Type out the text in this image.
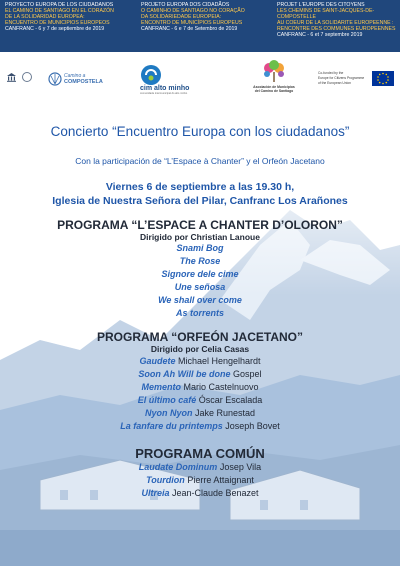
PROYECTO EUROPA DE LOS CIUDADANOS
EL CAMINO DE SANTIAGO EN EL CORAZÓN
DE LA SOLIDARIDAD EUROPEA:
ENCUENTRO DE MUNICIPIOS EUROPEOS
CANFRANC - 6 y 7 de septiembre de 2019
PROJETO EUROPA DOS CIDADÃOS
O CAMINHO DE SANTIAGO NO CORAÇÃO
DA SOLIDARIEDADE EUROPEIA:
ENCONTRO DE MUNICÍPIOS EUROPEUS
CANFRANC - 6 e 7 de Setembro de 2019
PROJET L'EUROPE DES CITOYENS
LES CHEMINS DE SAINT-JACQUES-DE-COMPOSTELLE
AU COEUR DE LA SOLIDARITE EUROPEENNE :
RENCONTRE DES COMMUNES EUROPEENNES
CANFRANC - 6 et 7 septembre 2019
Camino a
COMPOSTELA
cim alto minho
comunidade intermunicipal do alto minho
Asociación de Municipios
del Camino de Santiago
Co-funded by the
Europe for Citizens Programme
of the European Union
Concierto “Encuentro Europa con los ciudadanos”
Con la participación de “L’Espace à Chanter” y el Orfeón Jacetano
Viernes 6 de septiembre a las 19.30 h,
Iglesia de Nuestra Señora del Pilar, Canfranc Los Arañones
PROGRAMA “L’ESPACE A CHANTER D’OLORON”
Dirigido por Christian Lanoue
Snami Bog
The Rose
Signore dele cime
Une señosa
We shall over come
As torrents
PROGRAMA “ORFEÓN JACETANO”
Dirigido por Celia Casas
Gaudete Michael Hengelhardt
Soon Ah Will be done Gospel
Memento Mario Castelnuovo
El último café Óscar Escalada
Nyon Nyon Jake Runestad
La fanfare du printemps Joseph Bovet
PROGRAMA COMÚN
Laudate Dominum Josep Vila
Tourdion Pierre Attaignant
Ultreia Jean-Claude Benazet
